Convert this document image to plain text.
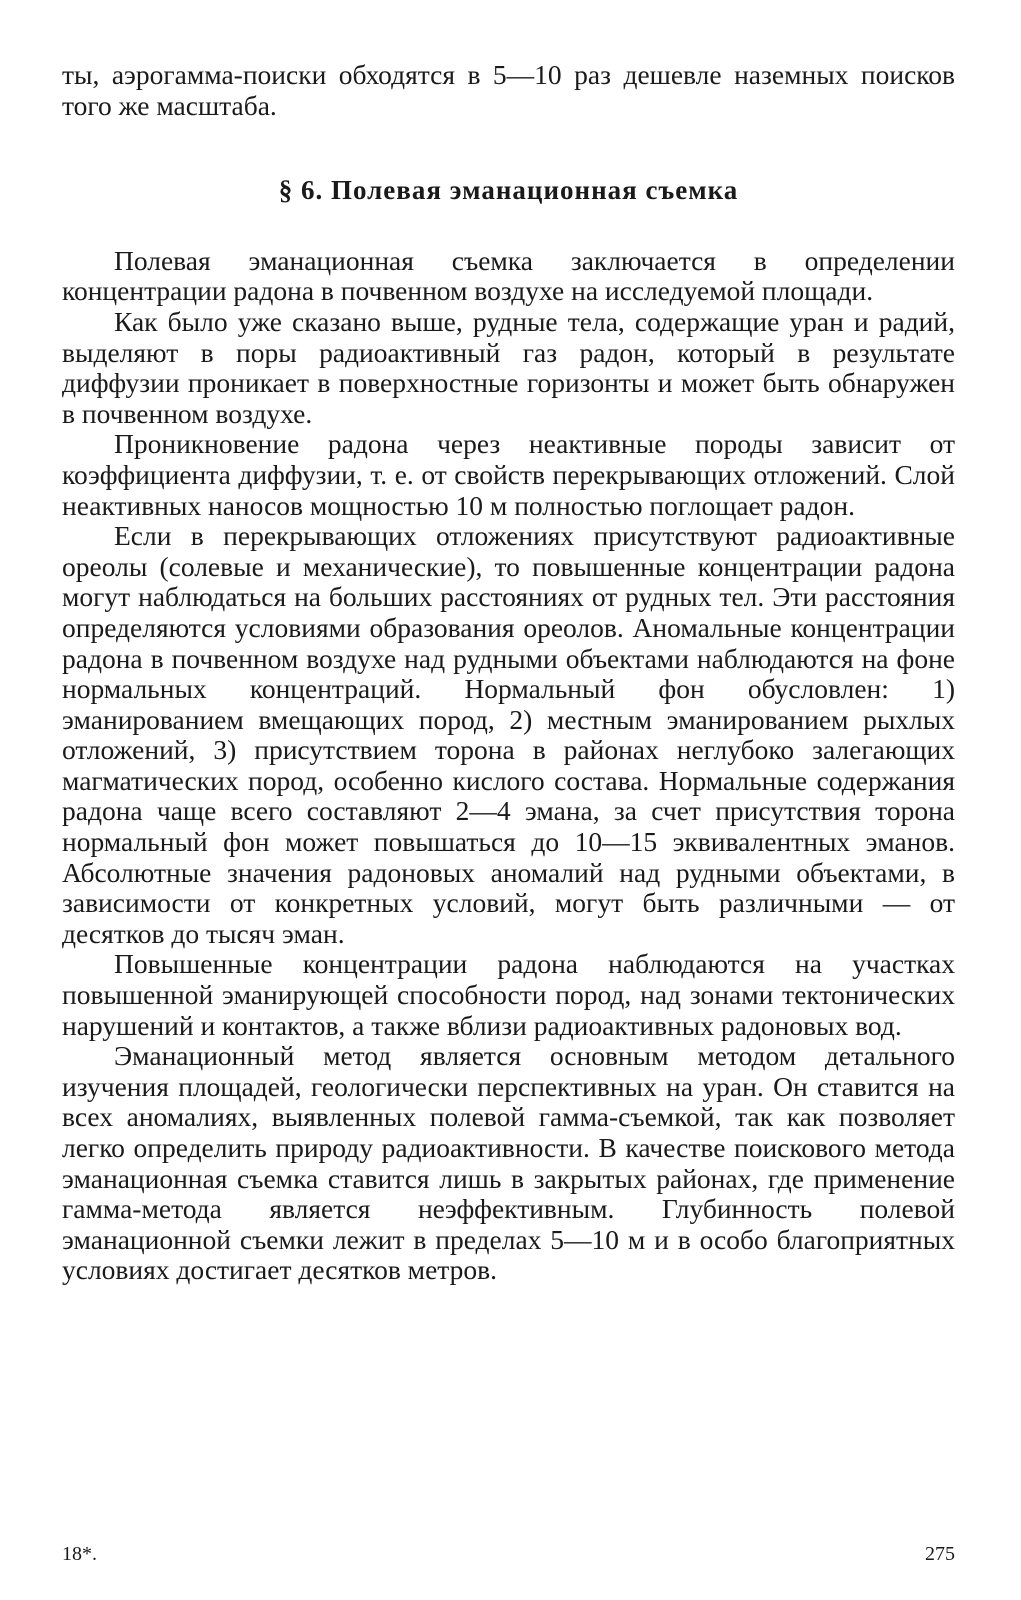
ты, аэрогамма-поиски обходятся в 5—10 раз дешевле наземных поисков того же масштаба.

§ 6. Полевая эманационная съемка

Полевая эманационная съемка заключается в определении концентрации радона в почвенном воздухе на исследуемой площади.

Как было уже сказано выше, рудные тела, содержащие уран и радий, выделяют в поры радиоактивный газ радон, который в результате диффузии проникает в поверхностные горизонты и может быть обнаружен в почвенном воздухе.

Проникновение радона через неактивные породы зависит от коэффициента диффузии, т. е. от свойств перекрывающих отложений. Слой неактивных наносов мощностью 10 м полностью поглощает радон.

Если в перекрывающих отложениях присутствуют радиоактивные ореолы (солевые и механические), то повышенные концентрации радона могут наблюдаться на больших расстояниях от рудных тел. Эти расстояния определяются условиями образования ореолов. Аномальные концентрации радона в почвенном воздухе над рудными объектами наблюдаются на фоне нормальных концентраций. Нормальный фон обусловлен: 1) эманированием вмещающих пород, 2) местным эманированием рыхлых отложений, 3) присутствием торона в районах неглубоко залегающих магматических пород, особенно кислого состава. Нормальные содержания радона чаще всего составляют 2—4 эмана, за счет присутствия торона нормальный фон может повышаться до 10—15 эквивалентных эманов. Абсолютные значения радоновых аномалий над рудными объектами, в зависимости от конкретных условий, могут быть различными — от десятков до тысяч эман.

Повышенные концентрации радона наблюдаются на участках повышенной эманирующей способности пород, над зонами тектонических нарушений и контактов, а также вблизи радиоактивных радоновых вод.

Эманационный метод является основным методом детального изучения площадей, геологически перспективных на уран. Он ставится на всех аномалиях, выявленных полевой гамма-съемкой, так как позволяет легко определить природу радиоактивности. В качестве поискового метода эманационная съемка ставится лишь в закрытых районах, где применение гамма-метода является неэффективным. Глубинность полевой эманационной съемки лежит в пределах 5—10 м и в особо благоприятных условиях достигает десятков метров.

18*.	275
